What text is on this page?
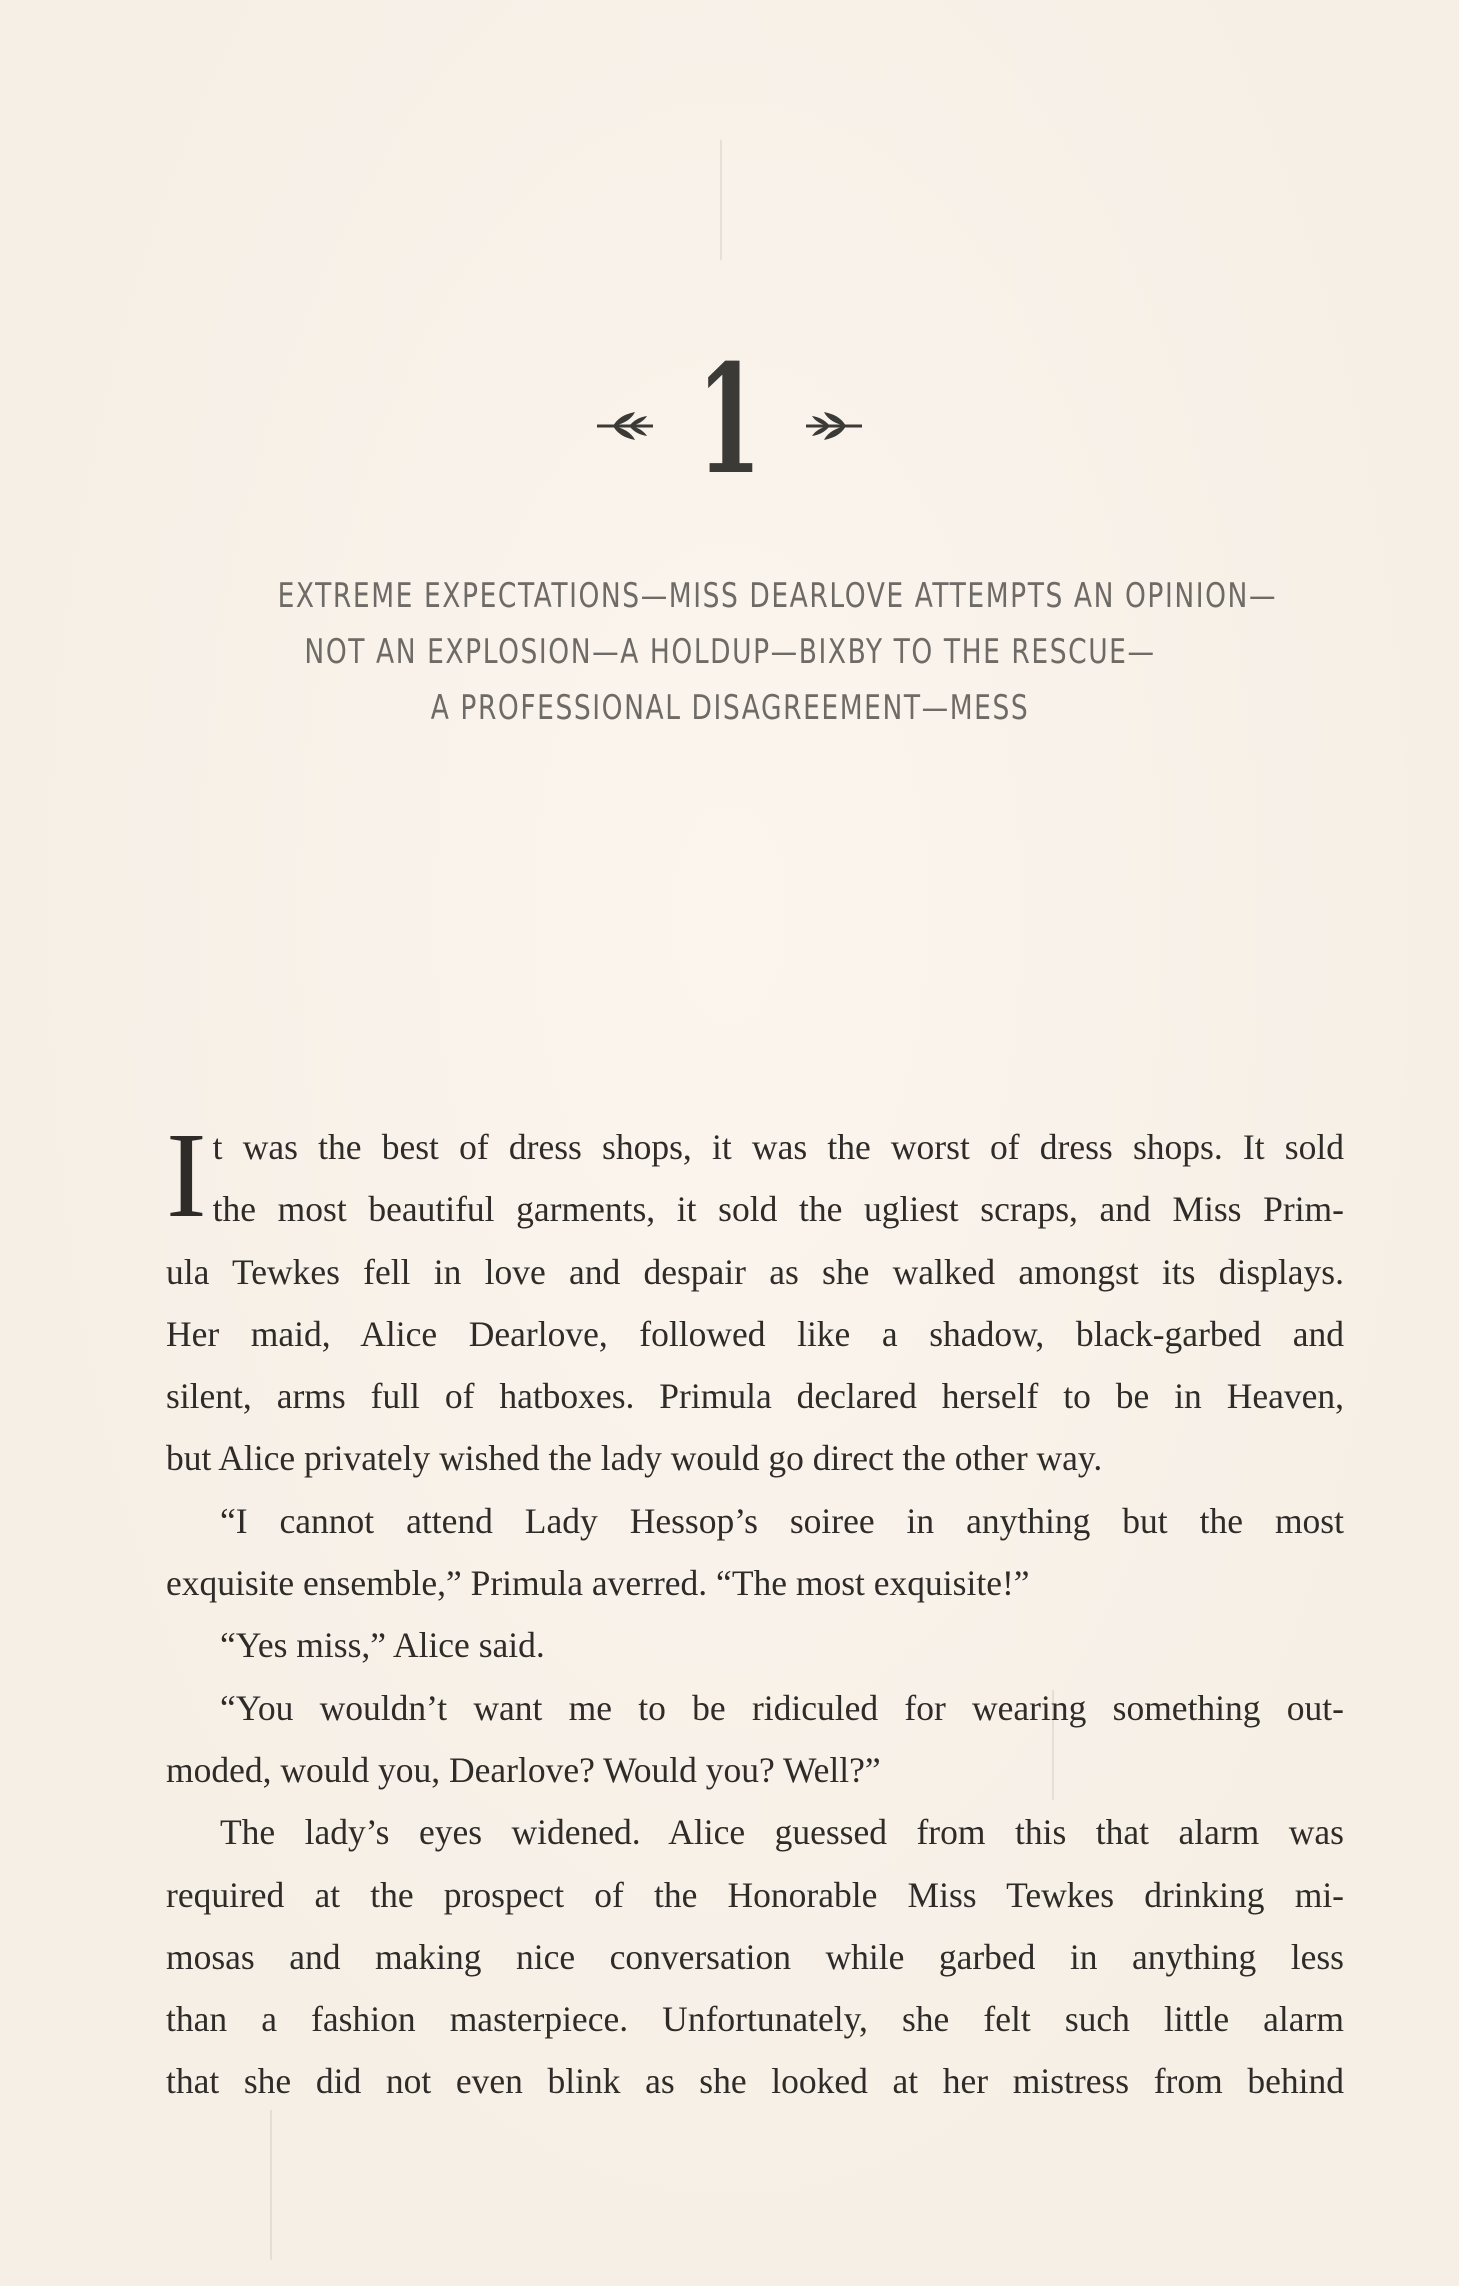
1
EXTREME EXPECTATIONS—MISS DEARLOVE ATTEMPTS AN OPINION—
NOT AN EXPLOSION—A HOLDUP—BIXBY TO THE RESCUE—
A PROFESSIONAL DISAGREEMENT—MESS

I t was the best of dress shops, it was the worst of dress shops. It sold

the most beautiful garments, it sold the ugliest scraps, and Miss Prim-

ula Tewkes fell in love and despair as she walked amongst its displays.

Her maid, Alice Dearlove, followed like a shadow, black-garbed and

silent, arms full of hatboxes. Primula declared herself to be in Heaven,

but Alice privately wished the lady would go direct the other way.

“I cannot attend Lady Hessop’s soiree in anything but the most

exquisite ensemble,” Primula averred. “The most exquisite!”

“Yes miss,” Alice said.

“You wouldn’t want me to be ridiculed for wearing something out-

moded, would you, Dearlove? Would you? Well?”

The lady’s eyes widened. Alice guessed from this that alarm was

required at the prospect of the Honorable Miss Tewkes drinking mi-

mosas and making nice conversation while garbed in anything less

than a fashion masterpiece. Unfortunately, she felt such little alarm

that she did not even blink as she looked at her mistress from behind
